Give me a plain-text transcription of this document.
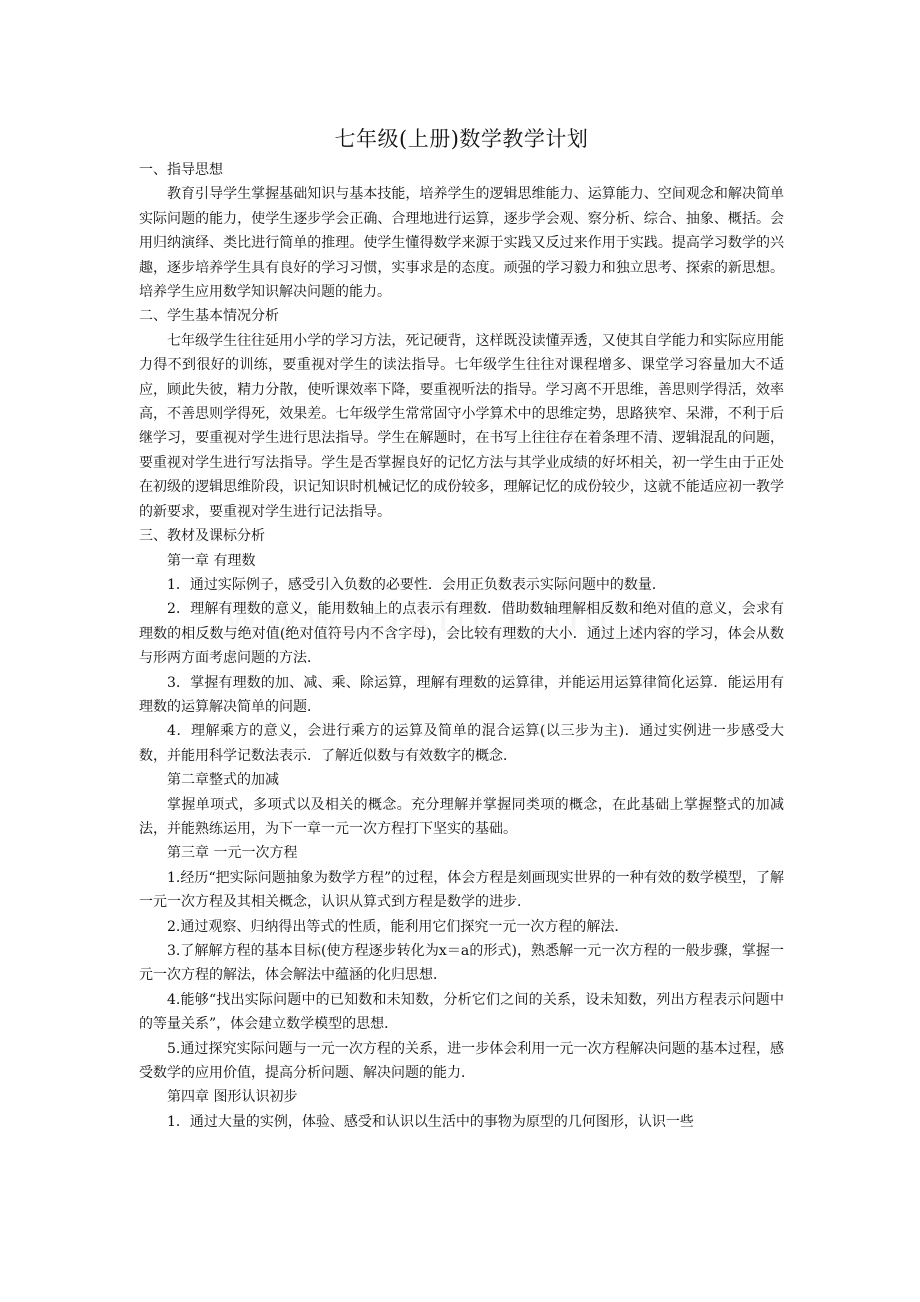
七年级(上册)数学教学计划

一、指导思想

教育引导学生掌握基础知识与基本技能，培养学生的逻辑思维能力、运算能力、空间观念和解决简单实际问题的能力，使学生逐步学会正确、合理地进行运算，逐步学会观、察分析、综合、抽象、概括。会用归纳演绎、类比进行简单的推理。使学生懂得数学来源于实践又反过来作用于实践。提高学习数学的兴趣，逐步培养学生具有良好的学习习惯，实事求是的态度。顽强的学习毅力和独立思考、探索的新思想。培养学生应用数学知识解决问题的能力。

二、学生基本情况分析

七年级学生往往延用小学的学习方法，死记硬背，这样既没读懂弄透，又使其自学能力和实际应用能力得不到很好的训练，要重视对学生的读法指导。七年级学生往往对课程增多、课堂学习容量加大不适应，顾此失彼，精力分散，使听课效率下降，要重视听法的指导。学习离不开思维，善思则学得活，效率高，不善思则学得死，效果差。七年级学生常常固守小学算术中的思维定势，思路狭窄、呆滞，不利于后继学习，要重视对学生进行思法指导。学生在解题时，在书写上往往存在着条理不清、逻辑混乱的问题，要重视对学生进行写法指导。学生是否掌握良好的记忆方法与其学业成绩的好坏相关，初一学生由于正处在初级的逻辑思维阶段，识记知识时机械记忆的成份较多，理解记忆的成份较少，这就不能适应初一教学的新要求，要重视对学生进行记法指导。

三、教材及课标分析

第一章 有理数

1．通过实际例子，感受引入负数的必要性．会用正负数表示实际问题中的数量．

2．理解有理数的意义，能用数轴上的点表示有理数．借助数轴理解相反数和绝对值的意义，会求有理数的相反数与绝对值(绝对值符号内不含字母)，会比较有理数的大小．通过上述内容的学习，体会从数与形两方面考虑问题的方法．

3．掌握有理数的加、减、乘、除运算，理解有理数的运算律，并能运用运算律简化运算．能运用有理数的运算解决简单的问题．

4．理解乘方的意义，会进行乘方的运算及简单的混合运算(以三步为主)．通过实例进一步感受大数，并能用科学记数法表示．了解近似数与有效数字的概念．

第二章整式的加减

掌握单项式，多项式以及相关的概念。充分理解并掌握同类项的概念，在此基础上掌握整式的加减法，并能熟练运用，为下一章一元一次方程打下坚实的基础。

第三章 一元一次方程

1.经历“把实际问题抽象为数学方程”的过程，体会方程是刻画现实世界的一种有效的数学模型，了解一元一次方程及其相关概念，认识从算式到方程是数学的进步．

2.通过观察、归纳得出等式的性质，能利用它们探究一元一次方程的解法．

3.了解解方程的基本目标(使方程逐步转化为x＝a的形式)，熟悉解一元一次方程的一般步骤，掌握一元一次方程的解法，体会解法中蕴涵的化归思想．

4.能够“找出实际问题中的已知数和未知数，分析它们之间的关系，设未知数，列出方程表示问题中的等量关系”，体会建立数学模型的思想．

5.通过探究实际问题与一元一次方程的关系，进一步体会利用一元一次方程解决问题的基本过程，感受数学的应用价值，提高分析问题、解决问题的能力．

第四章 图形认识初步

1．通过大量的实例，体验、感受和认识以生活中的事物为原型的几何图形，认识一些
